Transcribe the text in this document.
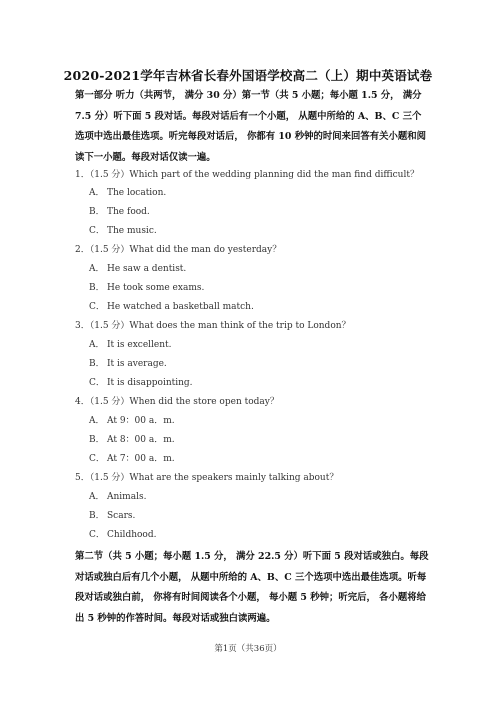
2020-2021学年吉林省长春外国语学校高二（上）期中英语试卷
第一部分 听力（共两节， 满分 30 分）第一节（共 5 小题；每小题 1.5 分， 满分 7.5 分）听下面 5 段对话。每段对话后有一个小题， 从题中所给的 A、B、C 三个选项中选出最佳选项。听完每段对话后， 你都有 10 秒钟的时间来回答有关小题和阅读下一小题。每段对话仅读一遍。
1．（1.5 分）Which part of the wedding planning did the man find difficult？
A． The location.
B． The food.
C． The music.
2．（1.5 分）What did the man do yesterday？
A． He saw a dentist.
B． He took some exams.
C． He watched a basketball match.
3．（1.5 分）What does the man think of the trip to London？
A． It is excellent.
B． It is average.
C． It is disappointing.
4．（1.5 分）When did the store open today？
A． At 9：00 a．m.
B． At 8：00 a．m.
C． At 7：00 a．m.
5．（1.5 分）What are the speakers mainly talking about？
A． Animals.
B． Scars.
C． Childhood.
第二节（共 5 小题；每小题 1.5 分， 满分 22.5 分）听下面 5 段对话或独白。每段对话或独白后有几个小题， 从题中所给的 A、B、C 三个选项中选出最佳选项。听每段对话或独白前， 你将有时间阅读各个小题， 每小题 5 秒钟；听完后， 各小题将给出 5 秒钟的作答时间。每段对话或独白读两遍。
第1页（共36页）
